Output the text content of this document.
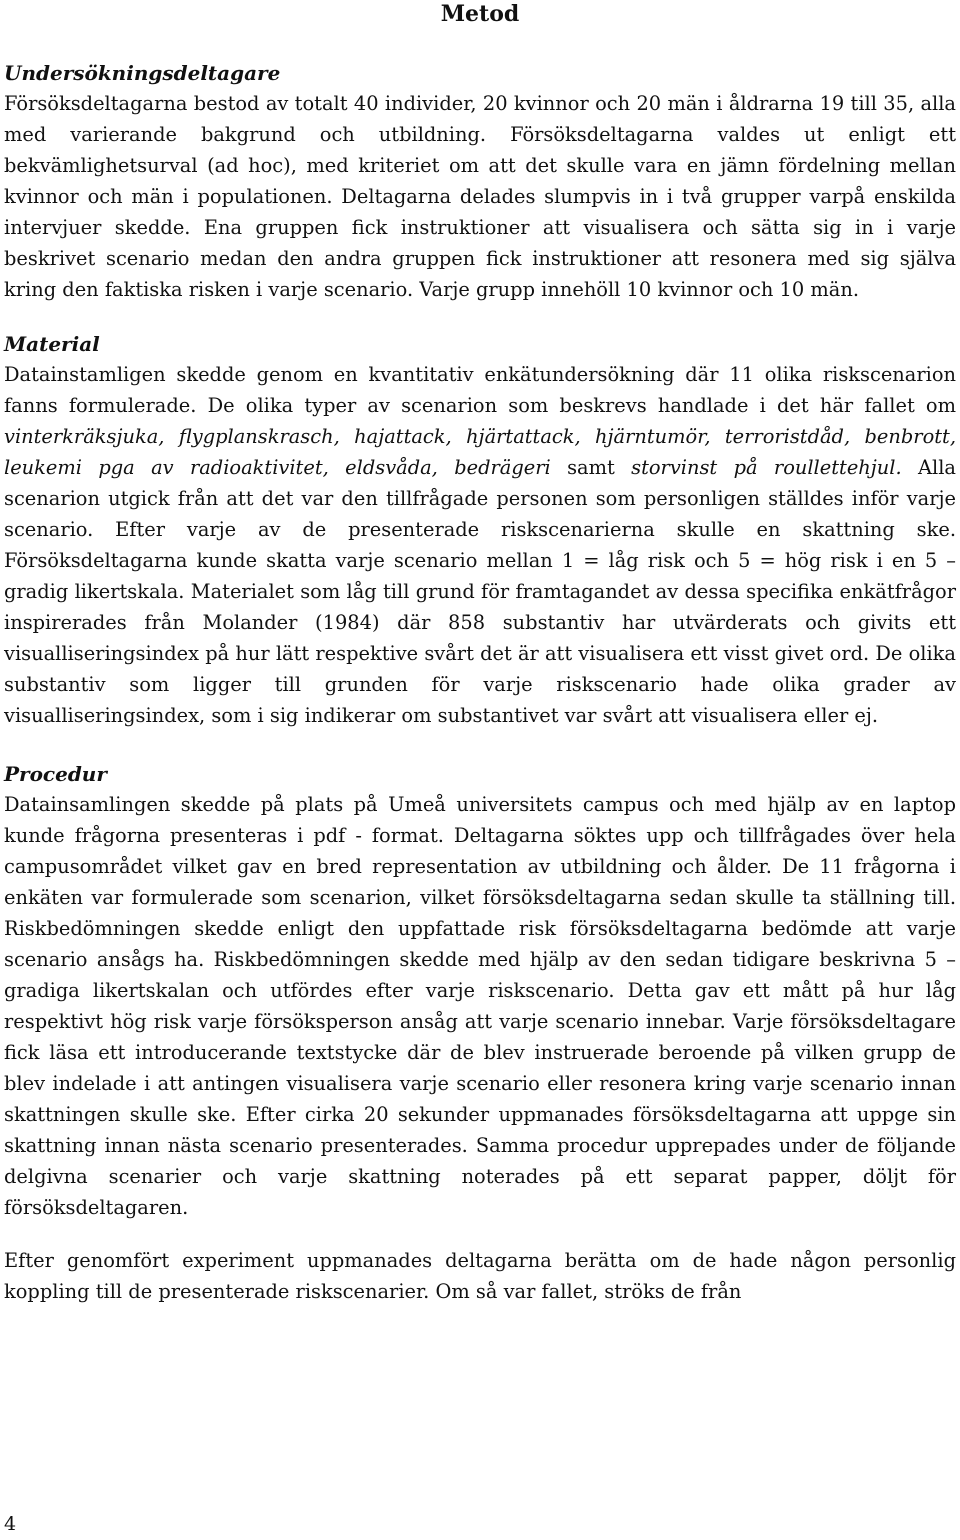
Metod
Undersökningsdeltagare

Försöksdeltagarna bestod av totalt 40 individer, 20 kvinnor och 20 män i åldrarna 19 till 35, alla med varierande bakgrund och utbildning. Försöksdeltagarna valdes ut enligt ett bekvämlighetsurval (ad hoc), med kriteriet om att det skulle vara en jämn fördelning mellan kvinnor och män i populationen. Deltagarna delades slumpvis in i två grupper varpå enskilda intervjuer skedde. Ena gruppen fick instruktioner att visualisera och sätta sig in i varje beskrivet scenario medan den andra gruppen fick instruktioner att resonera med sig själva kring den faktiska risken i varje scenario. Varje grupp innehöll 10 kvinnor och 10 män.

Material

Datainstamligen skedde genom en kvantitativ enkätundersökning där 11 olika riskscenarion fanns formulerade. De olika typer av scenarion som beskrevs handlade i det här fallet om vinterkräksjuka, flygplanskrasch, hajattack, hjärtattack, hjärntumör, terroristdåd, benbrott, leukemi pga av radioaktivitet, eldsvåda, bedrägeri samt storvinst på roullettehjul. Alla scenarion utgick från att det var den tillfrågade personen som personligen ställdes inför varje scenario. Efter varje av de presenterade riskscenarierna skulle en skattning ske. Försöksdeltagarna kunde skatta varje scenario mellan 1 = låg risk och 5 = hög risk i en 5 – gradig likertskala. Materialet som låg till grund för framtagandet av dessa specifika enkätfrågor inspirerades från Molander (1984) där 858 substantiv har utvärderats och givits ett visualliseringsindex på hur lätt respektive svårt det är att visualisera ett visst givet ord. De olika substantiv som ligger till grunden för varje riskscenario hade olika grader av visualliseringsindex, som i sig indikerar om substantivet var svårt att visualisera eller ej.

Procedur

Datainsamlingen skedde på plats på Umeå universitets campus och med hjälp av en laptop kunde frågorna presenteras i pdf - format. Deltagarna söktes upp och tillfrågades över hela campusområdet vilket gav en bred representation av utbildning och ålder. De 11 frågorna i enkäten var formulerade som scenarion, vilket försöksdeltagarna sedan skulle ta ställning till. Riskbedömningen skedde enligt den uppfattade risk försöksdeltagarna bedömde att varje scenario ansågs ha. Riskbedömningen skedde med hjälp av den sedan tidigare beskrivna 5 – gradiga likertskalan och utfördes efter varje riskscenario. Detta gav ett mått på hur låg respektivt hög risk varje försöksperson ansåg att varje scenario innebar. Varje försöksdeltagare fick läsa ett introducerande textstycke där de blev instruerade beroende på vilken grupp de blev indelade i att antingen visualisera varje scenario eller resonera kring varje scenario innan skattningen skulle ske. Efter cirka 20 sekunder uppmanades försöksdeltagarna att uppge sin skattning innan nästa scenario presenterades. Samma procedur upprepades under de följande delgivna scenarier och varje skattning noterades på ett separat papper, döljt för försöksdeltagaren.

Efter genomfört experiment uppmanades deltagarna berätta om de hade någon personlig koppling till de presenterade riskscenarier. Om så var fallet, ströks de från

4
